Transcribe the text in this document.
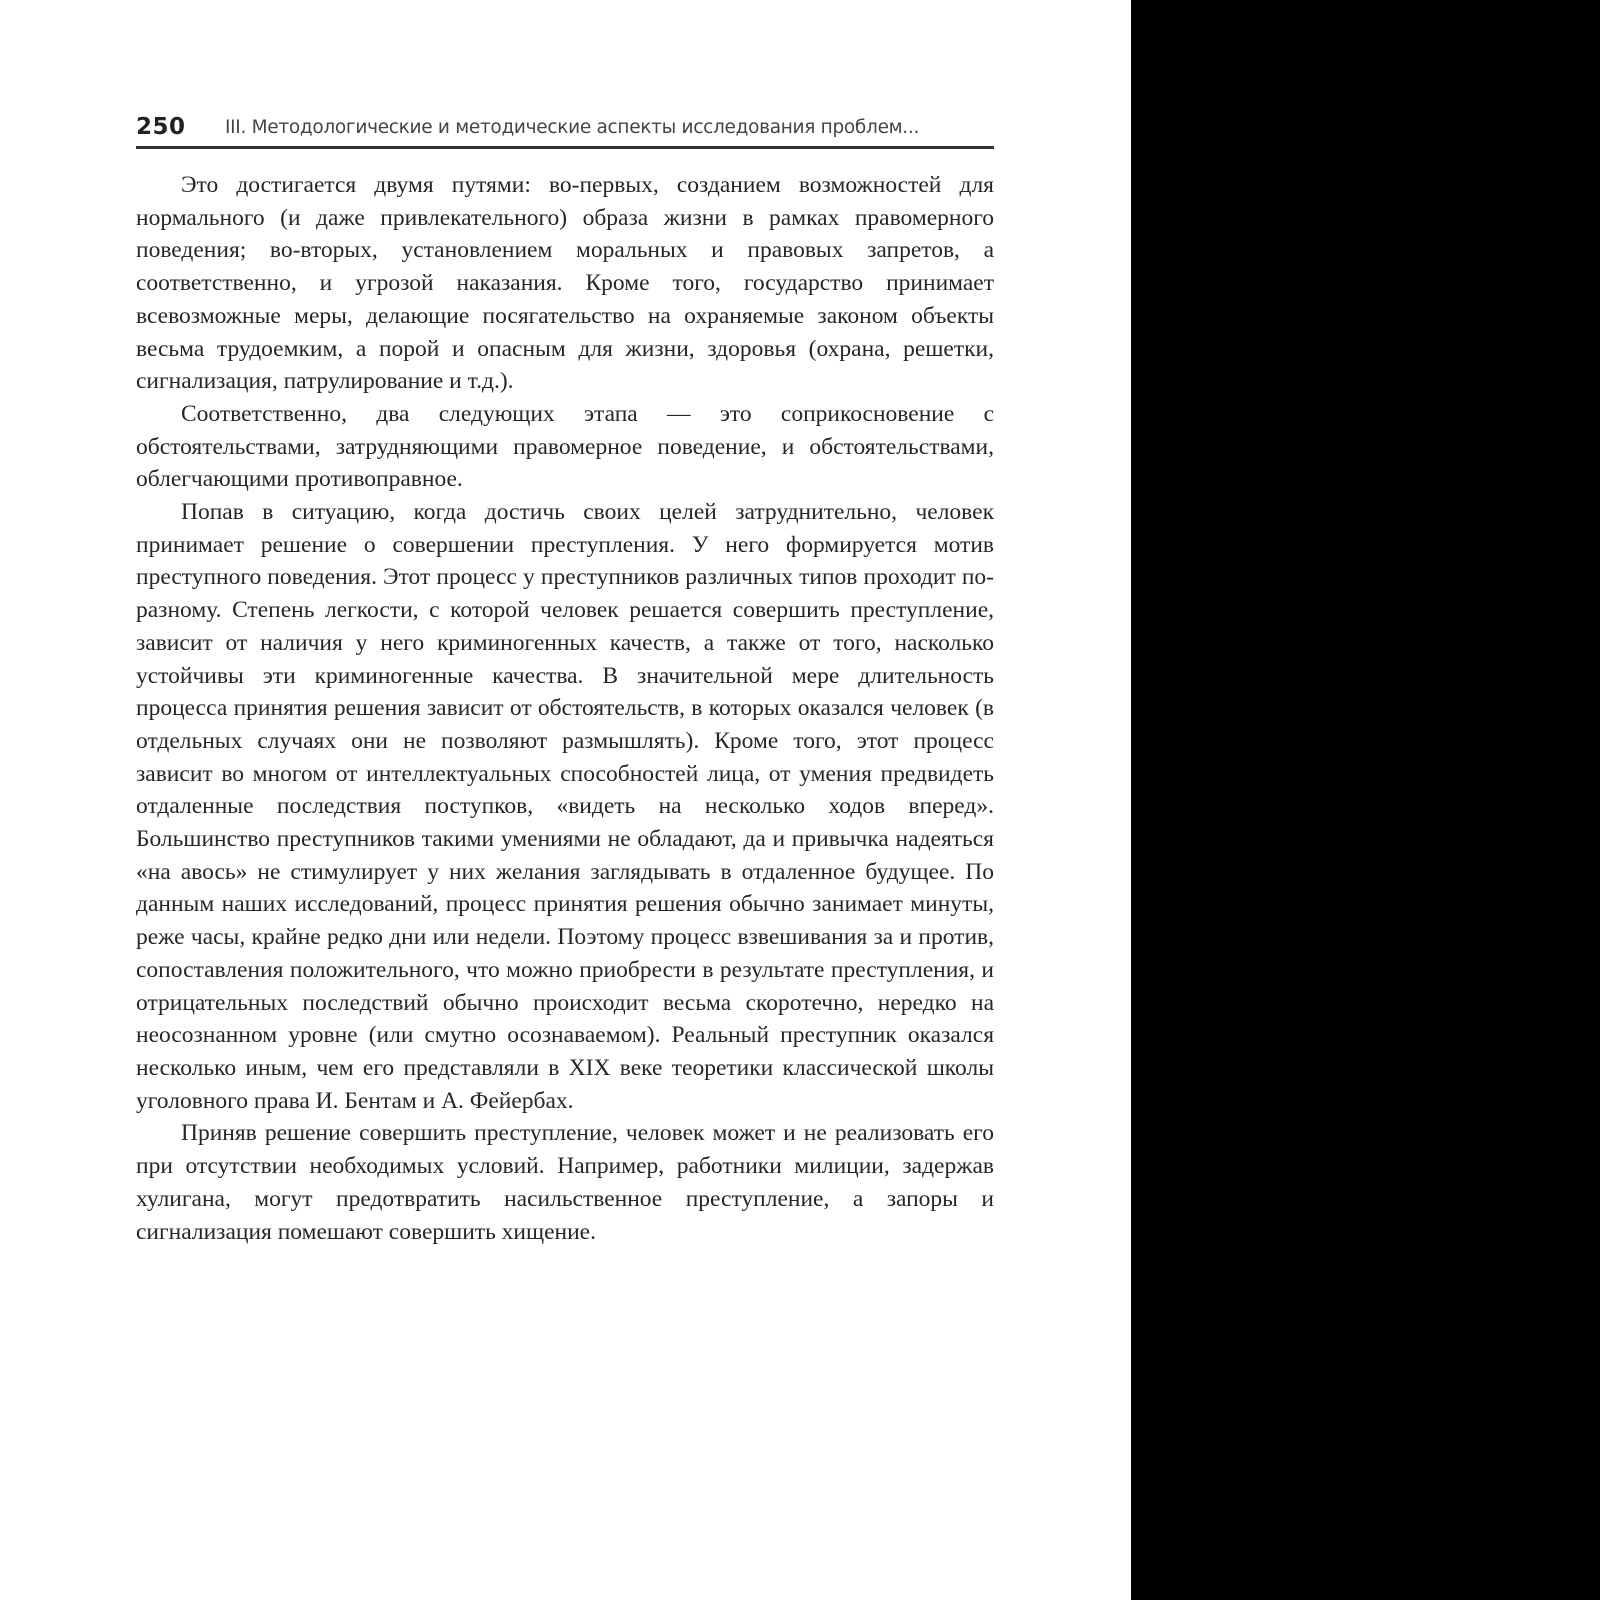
250 III. Методологические и методические аспекты исследования проблем...

Это достигается двумя путями: во-первых, созданием возможностей для нормального (и даже привлекательного) образа жизни в рамках правомерного поведения; во-вторых, установлением моральных и правовых запретов, а соответственно, и угрозой наказания. Кроме того, государство принимает всевозможные меры, делающие посягательство на охраняемые законом объекты весьма трудоемким, а порой и опасным для жизни, здоровья (охрана, решетки, сигнализация, патрулирование и т.д.).

Соответственно, два следующих этапа — это соприкосновение с обстоятельствами, затрудняющими правомерное поведение, и обстоятельствами, облегчающими противоправное.

Попав в ситуацию, когда достичь своих целей затруднительно, человек принимает решение о совершении преступления. У него формируется мотив преступного поведения. Этот процесс у преступников различных типов проходит по-разному. Степень легкости, с которой человек решается совершить преступление, зависит от наличия у него криминогенных качеств, а также от того, насколько устойчивы эти криминогенные качества. В значительной мере длительность процесса принятия решения зависит от обстоятельств, в которых оказался человек (в отдельных случаях они не позволяют размышлять). Кроме того, этот процесс зависит во многом от интеллектуальных способностей лица, от умения предвидеть отдаленные последствия поступков, «видеть на несколько ходов вперед». Большинство преступников такими умениями не обладают, да и привычка надеяться «на авось» не стимулирует у них желания заглядывать в отдаленное будущее. По данным наших исследований, процесс принятия решения обычно занимает минуты, реже часы, крайне редко дни или недели. Поэтому процесс взвешивания за и против, сопоставления положительного, что можно приобрести в результате преступления, и отрицательных последствий обычно происходит весьма скоротечно, нередко на неосознанном уровне (или смутно осознаваемом). Реальный преступник оказался несколько иным, чем его представляли в XIX веке теоретики классической школы уголовного права И. Бентам и А. Фейербах.

Приняв решение совершить преступление, человек может и не реализовать его при отсутствии необходимых условий. Например, работники милиции, задержав хулигана, могут предотвратить насильственное преступление, а запоры и сигнализация помешают совершить хищение.
